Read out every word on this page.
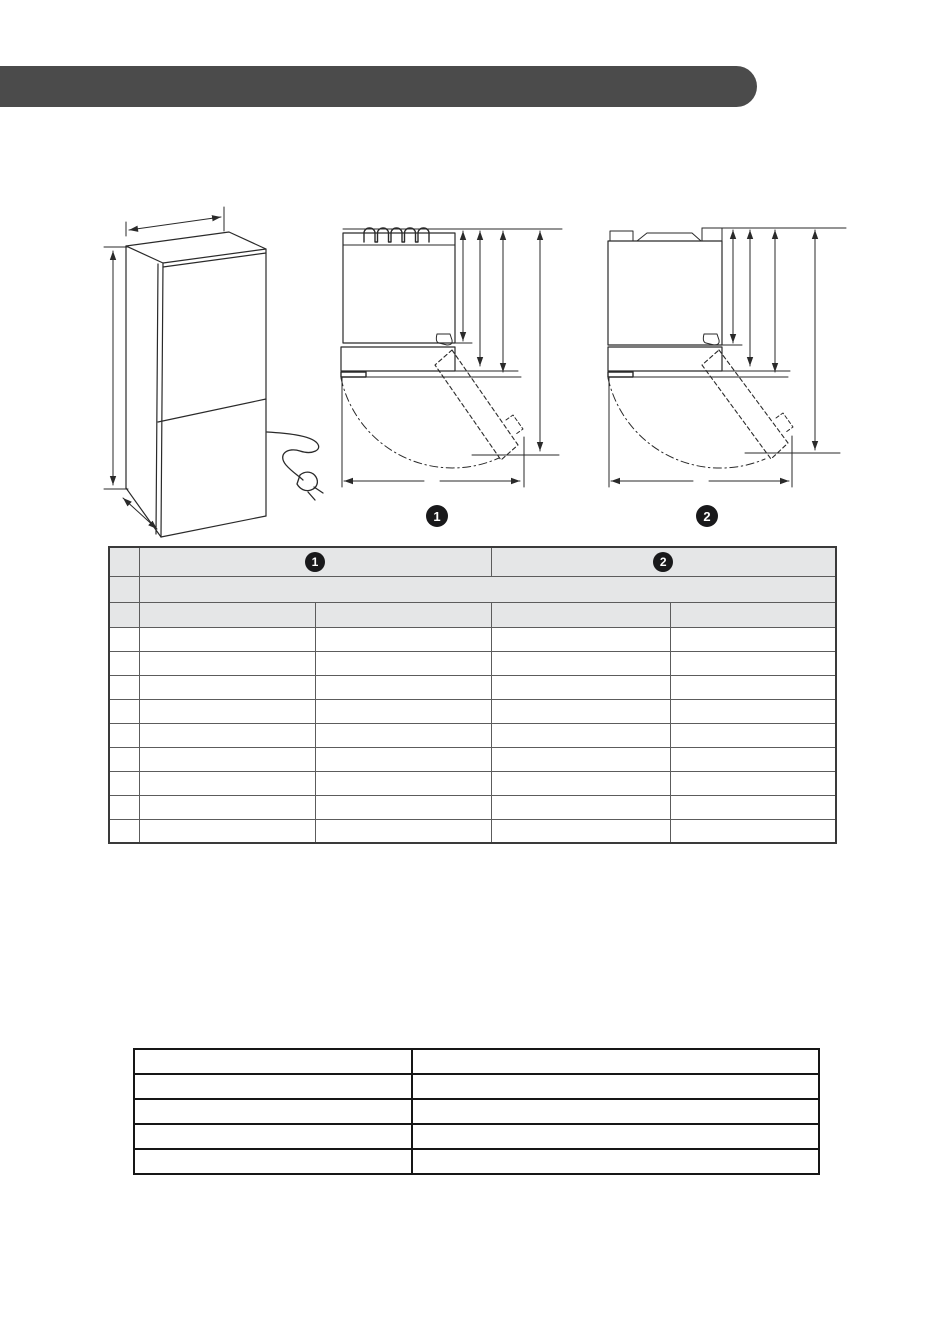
1	2
	1		2	
